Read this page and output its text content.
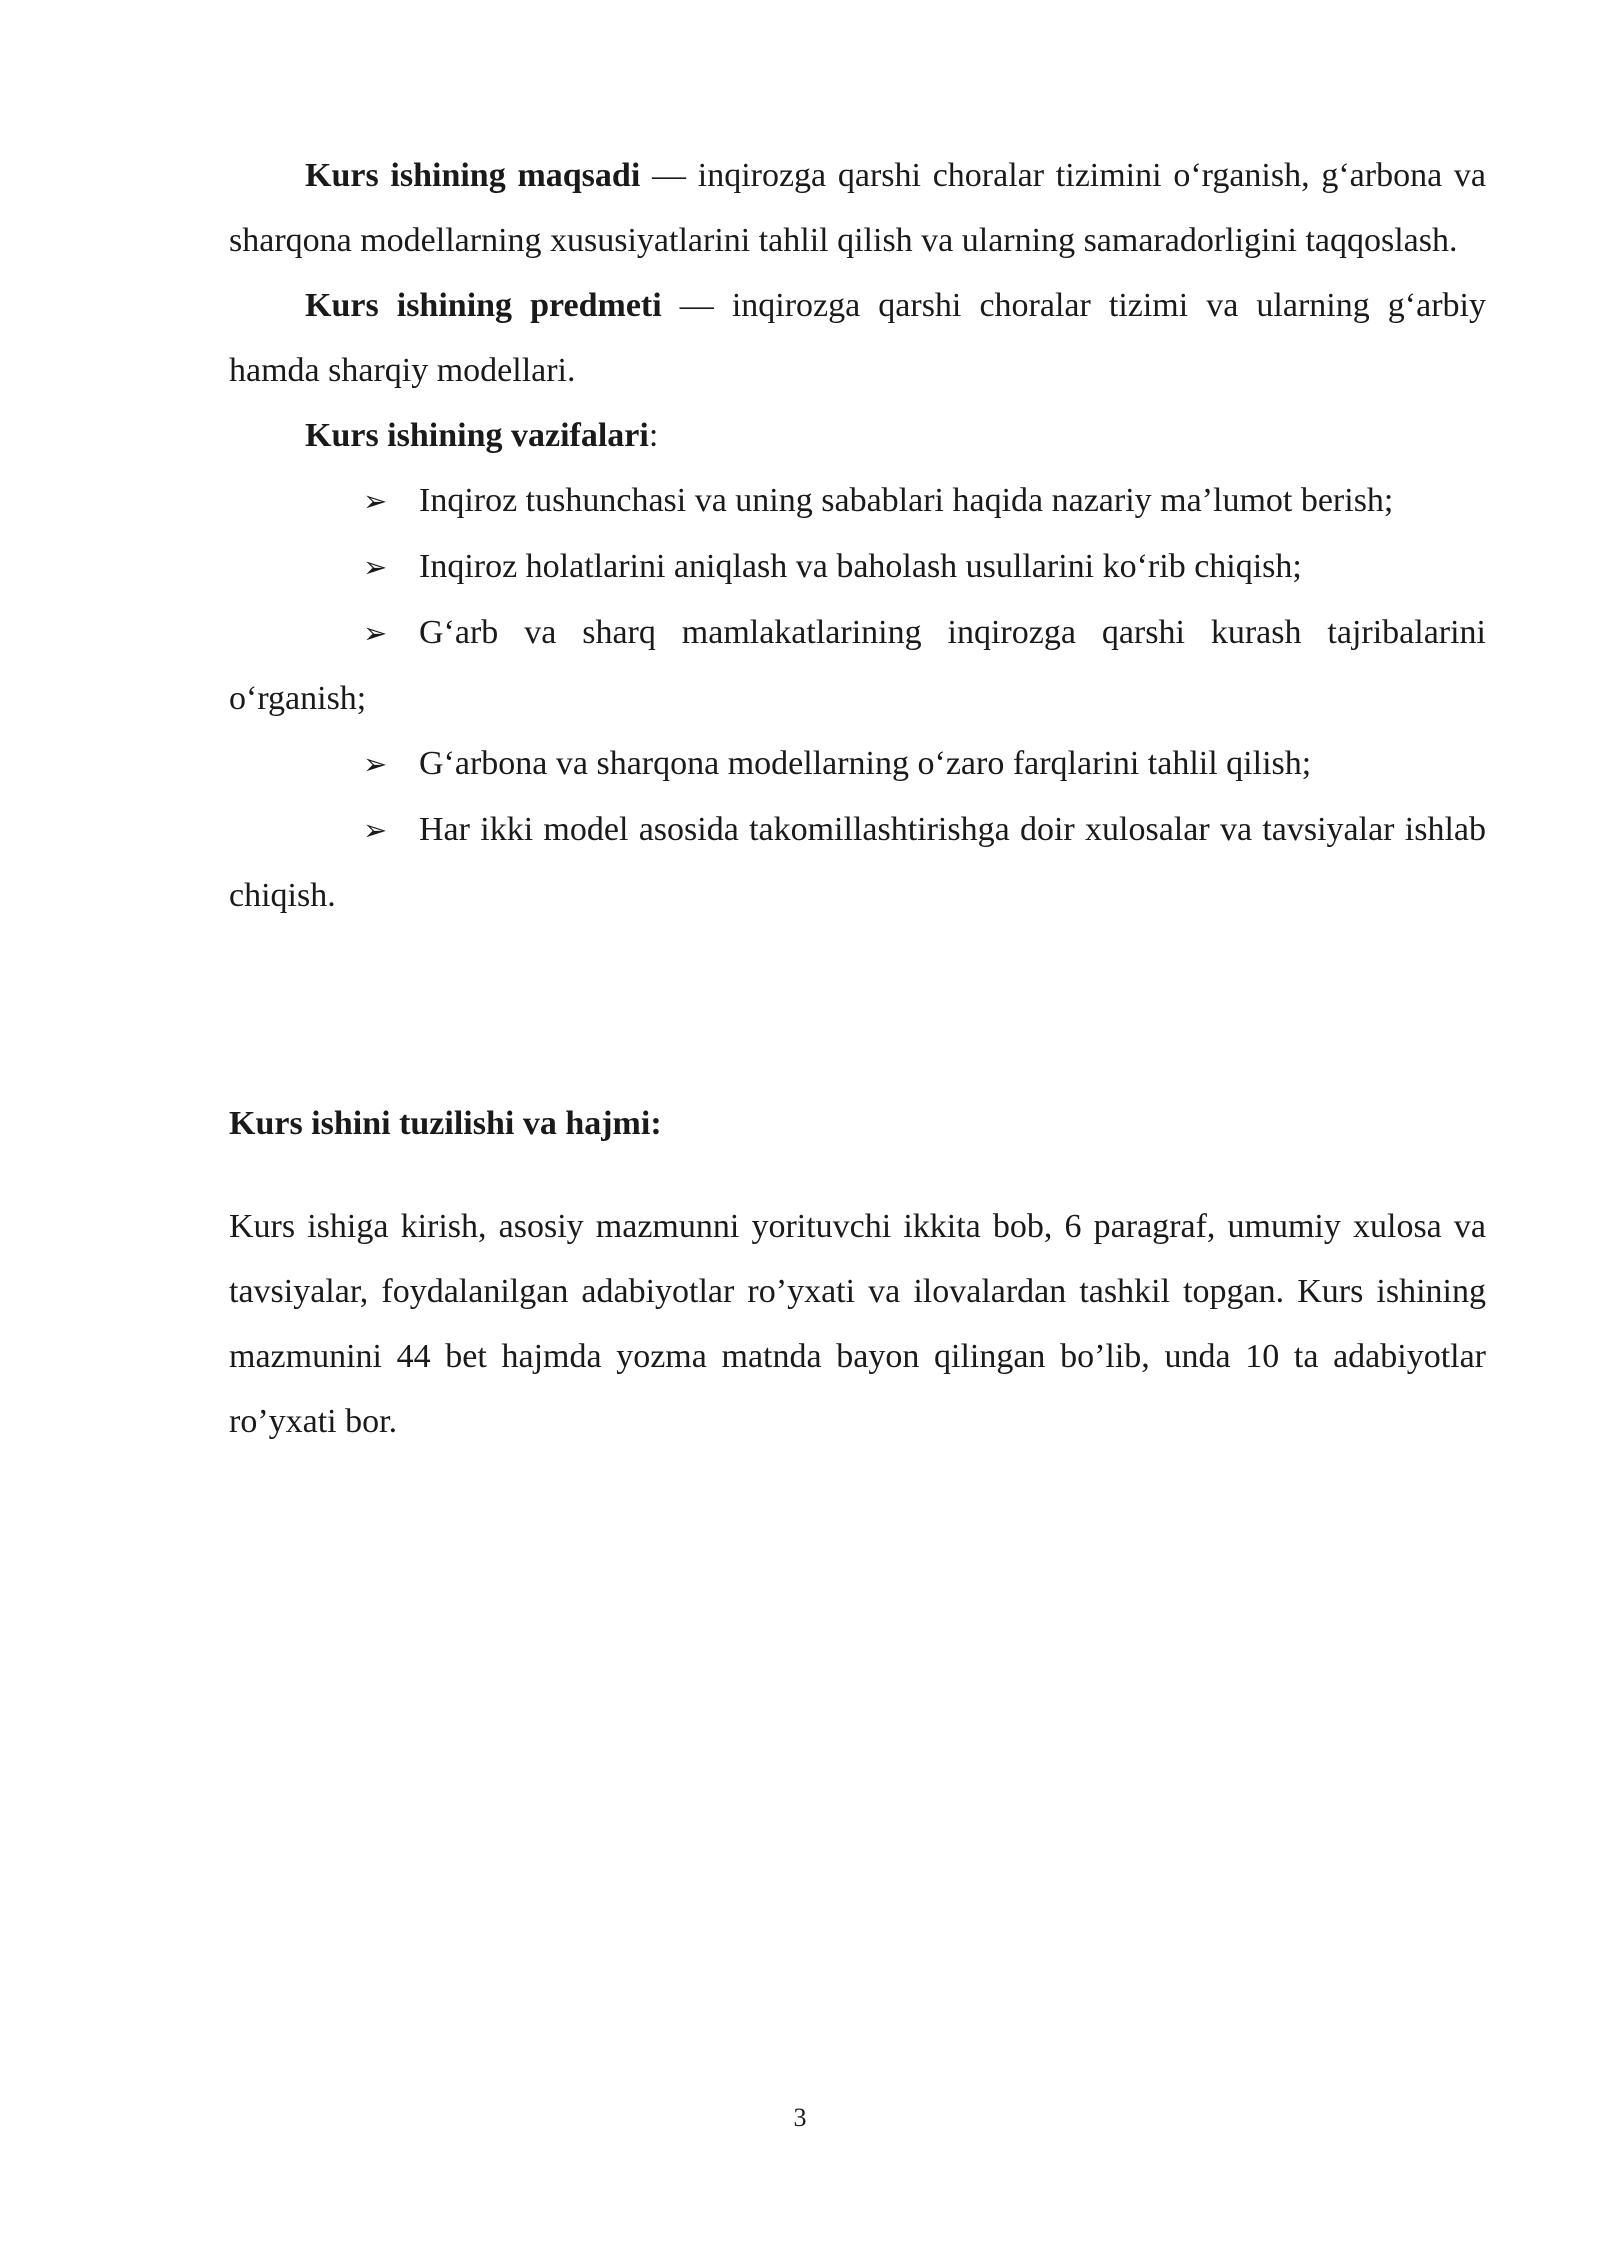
Kurs ishining maqsadi — inqirozga qarshi choralar tizimini o‘rganish, g‘arbona va sharqona modellarning xususiyatlarini tahlil qilish va ularning samaradorligini taqqoslash.

Kurs ishining predmeti — inqirozga qarshi choralar tizimi va ularning g‘arbiy hamda sharqiy modellari.

Kurs ishining vazifalari:

➢ Inqiroz tushunchasi va uning sabablari haqida nazariy ma’lumot berish;

➢ Inqiroz holatlarini aniqlash va baholash usullarini ko‘rib chiqish;

➢ G‘arb va sharq mamlakatlarining inqirozga qarshi kurash tajribalarini o‘rganish;

➢ G‘arbona va sharqona modellarning o‘zaro farqlarini tahlil qilish;

➢ Har ikki model asosida takomillashtirishga doir xulosalar va tavsiyalar ishlab chiqish.

Kurs ishini tuzilishi va hajmi:

Kurs ishiga kirish, asosiy mazmunni yorituvchi ikkita bob, 6 paragraf, umumiy xulosa va tavsiyalar, foydalanilgan adabiyotlar ro’yxati va ilovalardan tashkil topgan. Kurs ishining mazmunini 44 bet hajmda yozma matnda bayon qilingan bo’lib, unda 10 ta adabiyotlar ro’yxati bor.

3
